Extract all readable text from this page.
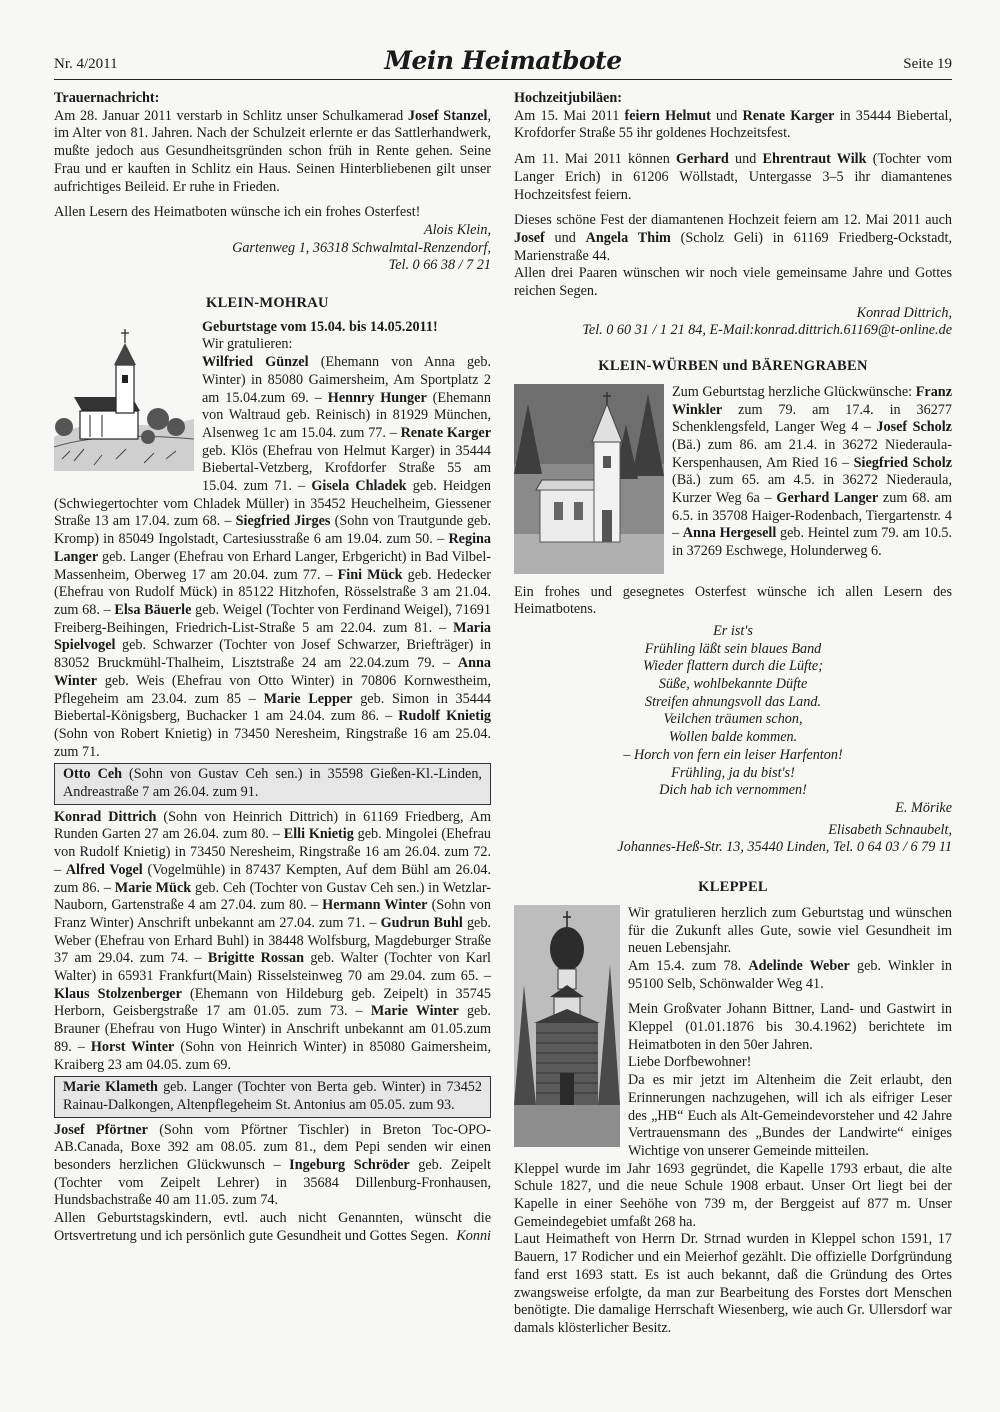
Nr. 4/2011	Mein Heimatbote	Seite 19

Trauernachricht:

Am 28. Januar 2011 verstarb in Schlitz unser Schulkamerad Josef Stanzel, im Alter von 81. Jahren. Nach der Schulzeit erlernte er das Sattlerhandwerk, mußte jedoch aus Gesundheitsgründen schon früh in Rente gehen. Seine Frau und er kauften in Schlitz ein Haus. Seinen Hinterbliebenen gilt unser aufrichtiges Beileid. Er ruhe in Frieden.

Allen Lesern des Heimatboten wünsche ich ein frohes Osterfest!

Alois Klein,

Gartenweg 1, 36318 Schwalmtal-Renzendorf,

Tel. 0 66 38 / 7 21

KLEIN-MOHRAU

Geburtstage vom 15.04. bis 14.05.2011!

Wir gratulieren:

Wilfried Günzel (Ehemann von Anna geb. Winter) in 85080 Gaimersheim, Am Sportplatz 2 am 15.04.zum 69. – Hennry Hunger (Ehemann von Waltraud geb. Reinisch) in 81929 München, Alsenweg 1c am 15.04. zum 77. – Renate Karger geb. Klös (Ehefrau von Helmut Karger) in 35444 Biebertal-Vetzberg, Krofdorfer Straße 55 am 15.04. zum 71. – Gisela Chladek geb. Heidgen (Schwiegertochter vom Chladek Müller) in 35452 Heuchelheim, Giessener Straße 13 am 17.04. zum 68. – Siegfried Jirges (Sohn von Trautgunde geb. Kromp) in 85049 Ingolstadt, Cartesiusstraße 6 am 19.04. zum 50. – Regina Langer geb. Langer (Ehefrau von Erhard Langer, Erbgericht) in Bad Vilbel-Massenheim, Oberweg 17 am 20.04. zum 77. – Fini Mück geb. Hedecker (Ehefrau von Rudolf Mück) in 85122 Hitzhofen, Rösselstraße 3 am 21.04. zum 68. – Elsa Bäuerle geb. Weigel (Tochter von Ferdinand Weigel), 71691 Freiberg-Beihingen, Friedrich-List-Straße 5 am 22.04. zum 81. – Maria Spielvogel geb. Schwarzer (Tochter von Josef Schwarzer, Briefträger) in 83052 Bruckmühl-Thalheim, Lisztstraße 24 am 22.04.zum 79. – Anna Winter geb. Weis (Ehefrau von Otto Winter) in 70806 Kornwestheim, Pflegeheim am 23.04. zum 85 – Marie Lepper geb. Simon in 35444 Biebertal-Königsberg, Buchacker 1 am 24.04. zum 86. – Rudolf Knietig (Sohn von Robert Knietig) in 73450 Neresheim, Ringstraße 16 am 25.04. zum 71.

Otto Ceh (Sohn von Gustav Ceh sen.) in 35598 Gießen-Kl.-Linden, Andreastraße 7 am 26.04. zum 91.

Konrad Dittrich (Sohn von Heinrich Dittrich) in 61169 Friedberg, Am Runden Garten 27 am 26.04. zum 80. – Elli Knietig geb. Mingolei (Ehefrau von Rudolf Knietig) in 73450 Neresheim, Ringstraße 16 am 26.04. zum 72. – Alfred Vogel (Vogelmühle) in 87437 Kempten, Auf dem Bühl am 26.04. zum 86. – Marie Mück geb. Ceh (Tochter von Gustav Ceh sen.) in Wetzlar-Nauborn, Gartenstraße 4 am 27.04. zum 80. – Hermann Winter (Sohn von Franz Winter) Anschrift unbekannt am 27.04. zum 71. – Gudrun Buhl geb. Weber (Ehefrau von Erhard Buhl) in 38448 Wolfsburg, Magdeburger Straße 37 am 29.04. zum 74. – Brigitte Rossan geb. Walter (Tochter von Karl Walter) in 65931 Frankfurt(Main) Risselsteinweg 70 am 29.04. zum 65. – Klaus Stolzenberger (Ehemann von Hildeburg geb. Zeipelt) in 35745 Herborn, Geisbergstraße 17 am 01.05. zum 73. – Marie Winter geb. Brauner (Ehefrau von Hugo Winter) in Anschrift unbekannt am 01.05.zum 89. – Horst Winter (Sohn von Heinrich Winter) in 85080 Gaimersheim, Kraiberg 23 am 04.05. zum 69.

Marie Klameth geb. Langer (Tochter von Berta geb. Winter) in 73452 Rainau-Dalkongen, Altenpflegeheim St. Antonius am 05.05. zum 93.

Josef Pförtner (Sohn vom Pförtner Tischler) in Breton Toc-OPO-AB.Canada, Boxe 392 am 08.05. zum 81., dem Pepi senden wir einen besonders herzlichen Glückwunsch – Ingeburg Schröder geb. Zeipelt (Tochter vom Zeipelt Lehrer) in 35684 Dillenburg-Fronhausen, Hundsbachstraße 40 am 11.05. zum 74.

Allen Geburtstagskindern, evtl. auch nicht Genannten, wünscht die Ortsvertretung und ich persönlich gute Gesundheit und Gottes Segen. Konni

Hochzeitjubiläen:

Am 15. Mai 2011 feiern Helmut und Renate Karger in 35444 Biebertal, Krofdorfer Straße 55 ihr goldenes Hochzeitsfest.

Am 11. Mai 2011 können Gerhard und Ehrentraut Wilk (Tochter vom Langer Erich) in 61206 Wöllstadt, Untergasse 3–5 ihr diamantenes Hochzeitsfest feiern.

Dieses schöne Fest der diamantenen Hochzeit feiern am 12. Mai 2011 auch Josef und Angela Thim (Scholz Geli) in 61169 Friedberg-Ockstadt, Marienstraße 44.

Allen drei Paaren wünschen wir noch viele gemeinsame Jahre und Gottes reichen Segen.

Konrad Dittrich,

Tel. 0 60 31 / 1 21 84, E-Mail:konrad.dittrich.61169@t-online.de

KLEIN-WÜRBEN und BÄRENGRABEN

Zum Geburtstag herzliche Glückwünsche: Franz Winkler zum 79. am 17.4. in 36277 Schenklengsfeld, Langer Weg 4 – Josef Scholz (Bä.) zum 86. am 21.4. in 36272 Niederaula-Kerspenhausen, Am Ried 16 – Siegfried Scholz (Bä.) zum 65. am 4.5. in 36272 Niederaula, Kurzer Weg 6a – Gerhard Langer zum 68. am 6.5. in 35708 Haiger-Rodenbach, Tiergartenstr. 4 – Anna Hergesell geb. Heintel zum 79. am 10.5. in 37269 Eschwege, Holunderweg 6.

Ein frohes und gesegnetes Osterfest wünsche ich allen Lesern des Heimatbotens.

Er ist's
Frühling läßt sein blaues Band
Wieder flattern durch die Lüfte;
Süße, wohlbekannte Düfte
Streifen ahnungsvoll das Land.
Veilchen träumen schon,
Wollen balde kommen.
– Horch von fern ein leiser Harfenton!
Frühling, ja du bist's!
Dich hab ich vernommen!

E. Mörike

Elisabeth Schnaubelt,

Johannes-Heß-Str. 13, 35440 Linden, Tel. 0 64 03 / 6 79 11

KLEPPEL

Wir gratulieren herzlich zum Geburtstag und wünschen für die Zukunft alles Gute, sowie viel Gesundheit im neuen Lebensjahr.

Am 15.4. zum 78. Adelinde Weber geb. Winkler in 95100 Selb, Schönwalder Weg 41.

Mein Großvater Johann Bittner, Land- und Gastwirt in Kleppel (01.01.1876 bis 30.4.1962) berichtete im Heimatboten in den 50er Jahren.

Liebe Dorfbewohner!

Da es mir jetzt im Altenheim die Zeit erlaubt, den Erinnerungen nachzugehen, will ich als eifriger Leser des „HB“ Euch als Alt-Gemeindevorsteher und 42 Jahre Vertrauensmann des „Bundes der Landwirte“ einiges Wichtige von unserer Gemeinde mitteilen.

Kleppel wurde im Jahr 1693 gegründet, die Kapelle 1793 erbaut, die alte Schule 1827, und die neue Schule 1908 erbaut. Unser Ort liegt bei der Kapelle in einer Seehöhe von 739 m, der Berggeist auf 877 m. Unser Gemeindegebiet umfaßt 268 ha.

Laut Heimatheft von Herrn Dr. Strnad wurden in Kleppel schon 1591, 17 Bauern, 17 Rodicher und ein Meierhof gezählt. Die offizielle Dorfgründung fand erst 1693 statt. Es ist auch bekannt, daß die Gründung des Ortes zwangsweise erfolgte, da man zur Bearbeitung des Forstes dort Menschen benötigte. Die damalige Herrschaft Wiesenberg, wie auch Gr. Ullersdorf war damals klösterlicher Besitz.
